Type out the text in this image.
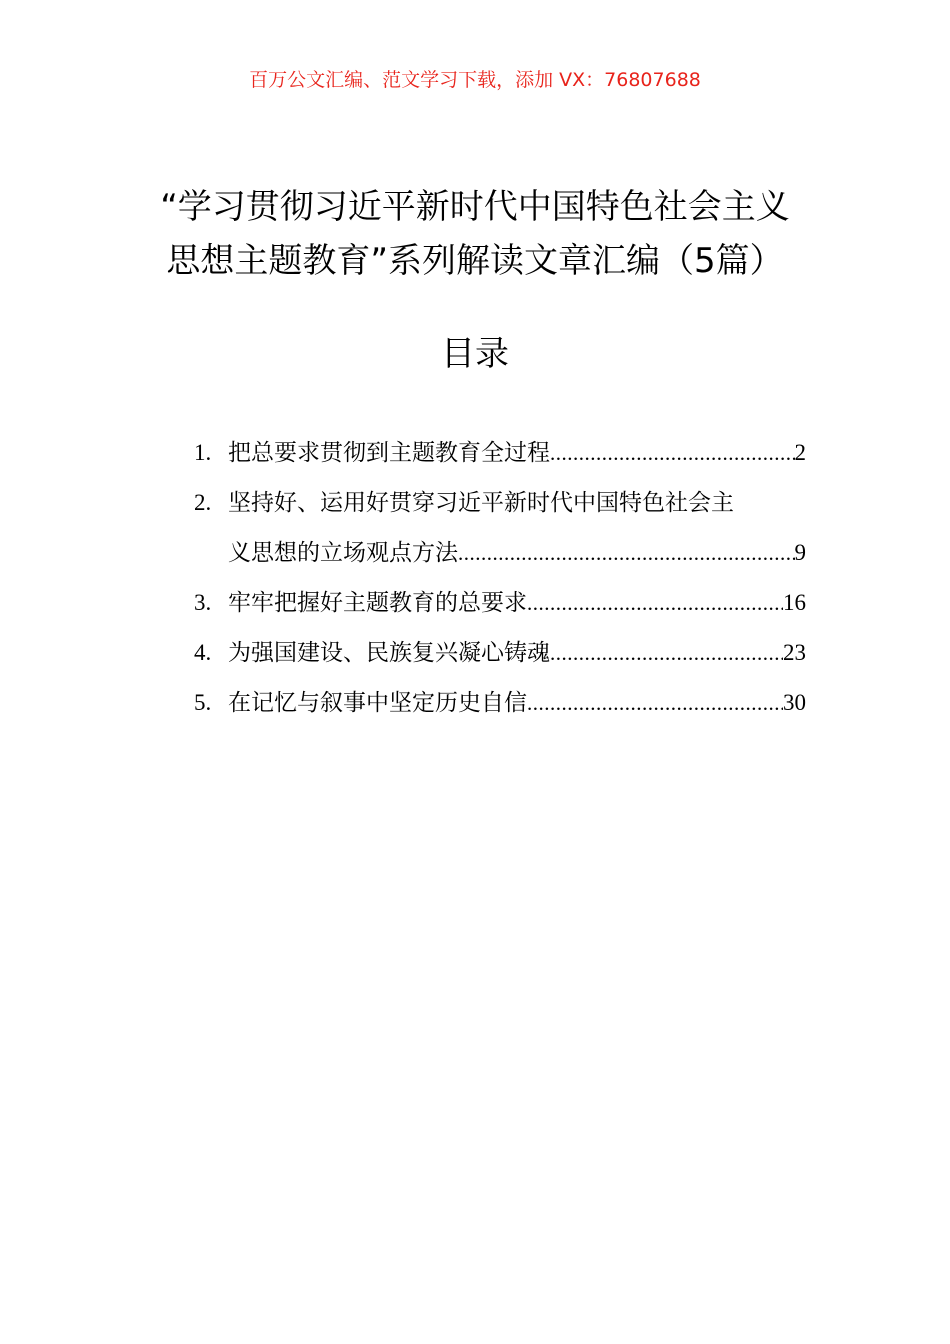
百万公文汇编、范文学习下载，添加 VX：76807688
“学习贯彻习近平新时代中国特色社会主义思想主题教育”系列解读文章汇编（5篇）
目录
1. 把总要求贯彻到主题教育全过程 .....	2
2. 坚持好、运用好贯穿习近平新时代中国特色社会主
义思想的立场观点方法 .....	9
3. 牢牢把握好主题教育的总要求 .....	16
4. 为强国建设、民族复兴凝心铸魂 .....	23
5. 在记忆与叙事中坚定历史自信 .....	30
